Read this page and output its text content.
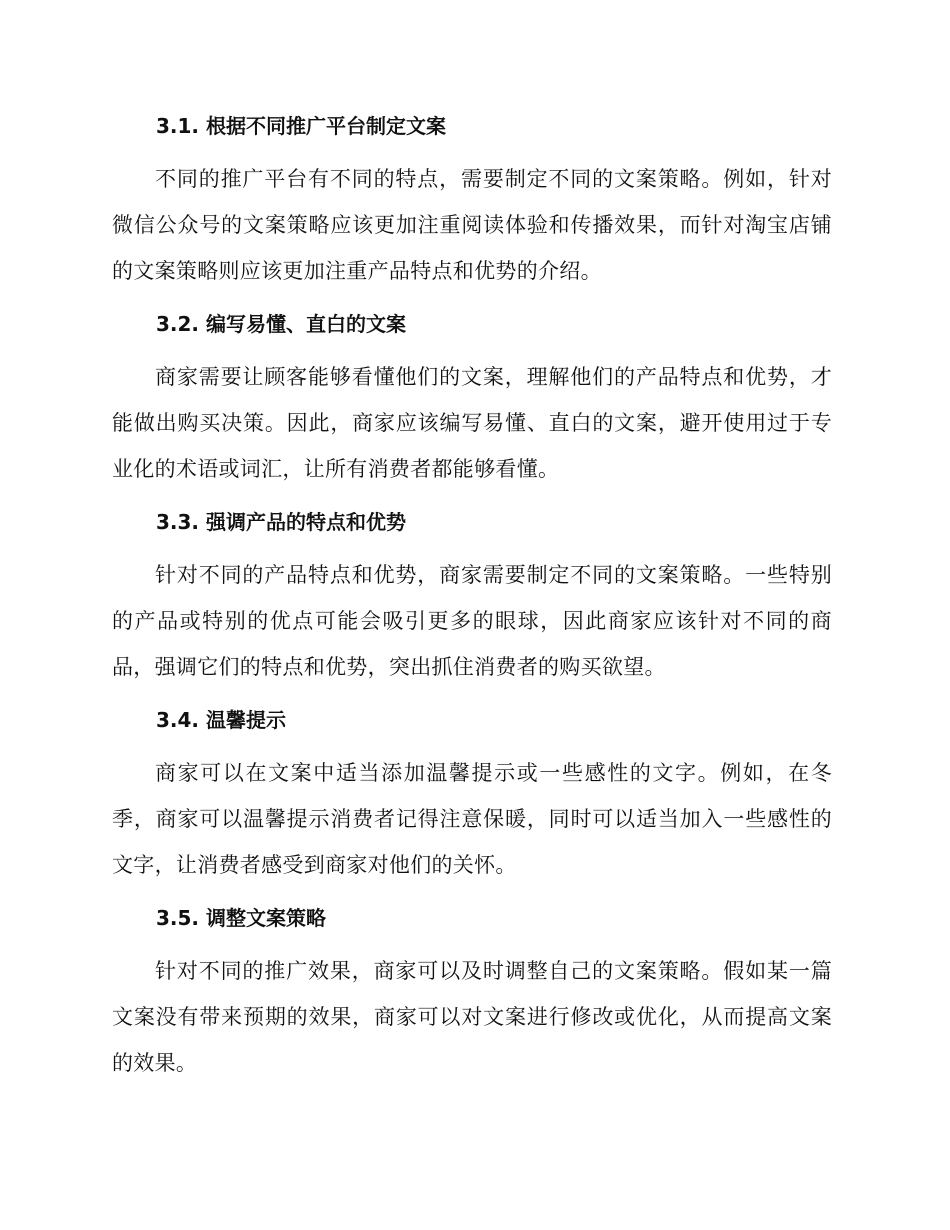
3.1. 根据不同推广平台制定文案

不同的推广平台有不同的特点，需要制定不同的文案策略。例如，针对微信公众号的文案策略应该更加注重阅读体验和传播效果，而针对淘宝店铺的文案策略则应该更加注重产品特点和优势的介绍。

3.2. 编写易懂、直白的文案

商家需要让顾客能够看懂他们的文案，理解他们的产品特点和优势，才能做出购买决策。因此，商家应该编写易懂、直白的文案，避开使用过于专业化的术语或词汇，让所有消费者都能够看懂。

3.3. 强调产品的特点和优势

针对不同的产品特点和优势，商家需要制定不同的文案策略。一些特别的产品或特别的优点可能会吸引更多的眼球，因此商家应该针对不同的商品，强调它们的特点和优势，突出抓住消费者的购买欲望。

3.4. 温馨提示

商家可以在文案中适当添加温馨提示或一些感性的文字。例如，在冬季，商家可以温馨提示消费者记得注意保暖，同时可以适当加入一些感性的文字，让消费者感受到商家对他们的关怀。

3.5. 调整文案策略

针对不同的推广效果，商家可以及时调整自己的文案策略。假如某一篇文案没有带来预期的效果，商家可以对文案进行修改或优化，从而提高文案的效果。
